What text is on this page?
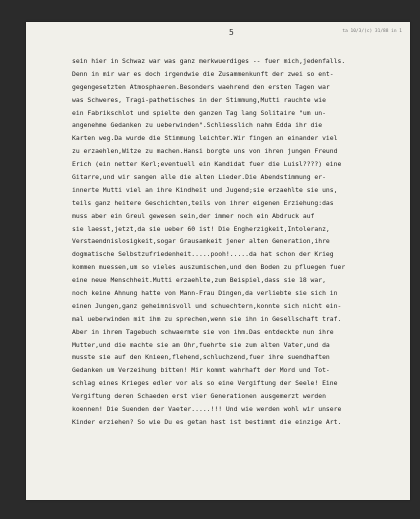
5	ta 10/3/(c) 31/88 in 1
sein hier in Schwaz war was ganz merkwuerdiges -- fuer mich,jedenfalls.
Denn in mir war es doch irgendwie die Zusammenkunft der zwei so ent-
gegengesetzten Atmosphaeren.Besonders waehrend den ersten Tagen war
was Schweres, Tragi-pathetisches in der Stimmung,Mutti rauchte wie
ein Fabrikschlot und spielte den ganzen Tag lang Solitaire "um un-
angenehme Gedanken zu ueberwinden".Schliesslich nahm Edda ihr die
Karten weg.Da wurde die Stimmung leichter.Wir fingen an einander viel
zu erzaehlen,Witze zu machen.Hansi borgte uns von ihren jungen Freund
Erich (ein netter Kerl;eventuell ein Kandidat fuer die Luisl????) eine
Gitarre,und wir sangen alle die alten Lieder.Die Abendstimmung er-
innerte Mutti viel an ihre Kindheit und Jugend;sie erzaehlte sie uns,
teils ganz heitere Geschichten,teils von ihrer eigenen Erziehung:das
muss aber ein Greul gewesen sein,der immer noch ein Abdruck auf
sie laesst,jetzt,da sie ueber 60 ist! Die Engherzigkeit,Intoleranz,
Verstaendnislosigkeit,sogar Grausamkeit jener alten Generation,ihre
dogmatische Selbstzufriedenheit.....pooh!.....da hat schon der Krieg
kommen muessen,um so vieles auszumischen,und den Boden zu pfluegen fuer
eine neue Menschheit.Mutti erzaehlte,zum Beispiel,dass sie 18 war,
noch keine Ahnung hatte von Mann-Frau Dingen,da verliebte sie sich in
einen Jungen,ganz geheimnisvoll und schuechtern,konnte sich nicht ein-
mal ueberwinden mit ihm zu sprechen,wenn sie ihn in Gesellschaft traf.
Aber in ihrem Tagebuch schwaermte sie von ihm.Das entdeckte nun ihre
Mutter,und die machte sie am Ohr,fuehrte sie zum alten Vater,und da
musste sie auf den Knieen,flehend,schluchzend,fuer ihre suendhaften
Gedanken um Verzeihung bitten! Mir kommt wahrhaft der Mord und Tot-
schlag eines Krieges edler vor als so eine Vergiftung der Seele! Eine
Vergiftung deren Schaeden erst vier Generationen ausgemerzt werden
koennen! Die Suenden der Vaeter.....!!! Und wie werden wohl wir unsere
Kinder erziehen? So wie Du es getan hast ist bestimmt die einzige Art.
